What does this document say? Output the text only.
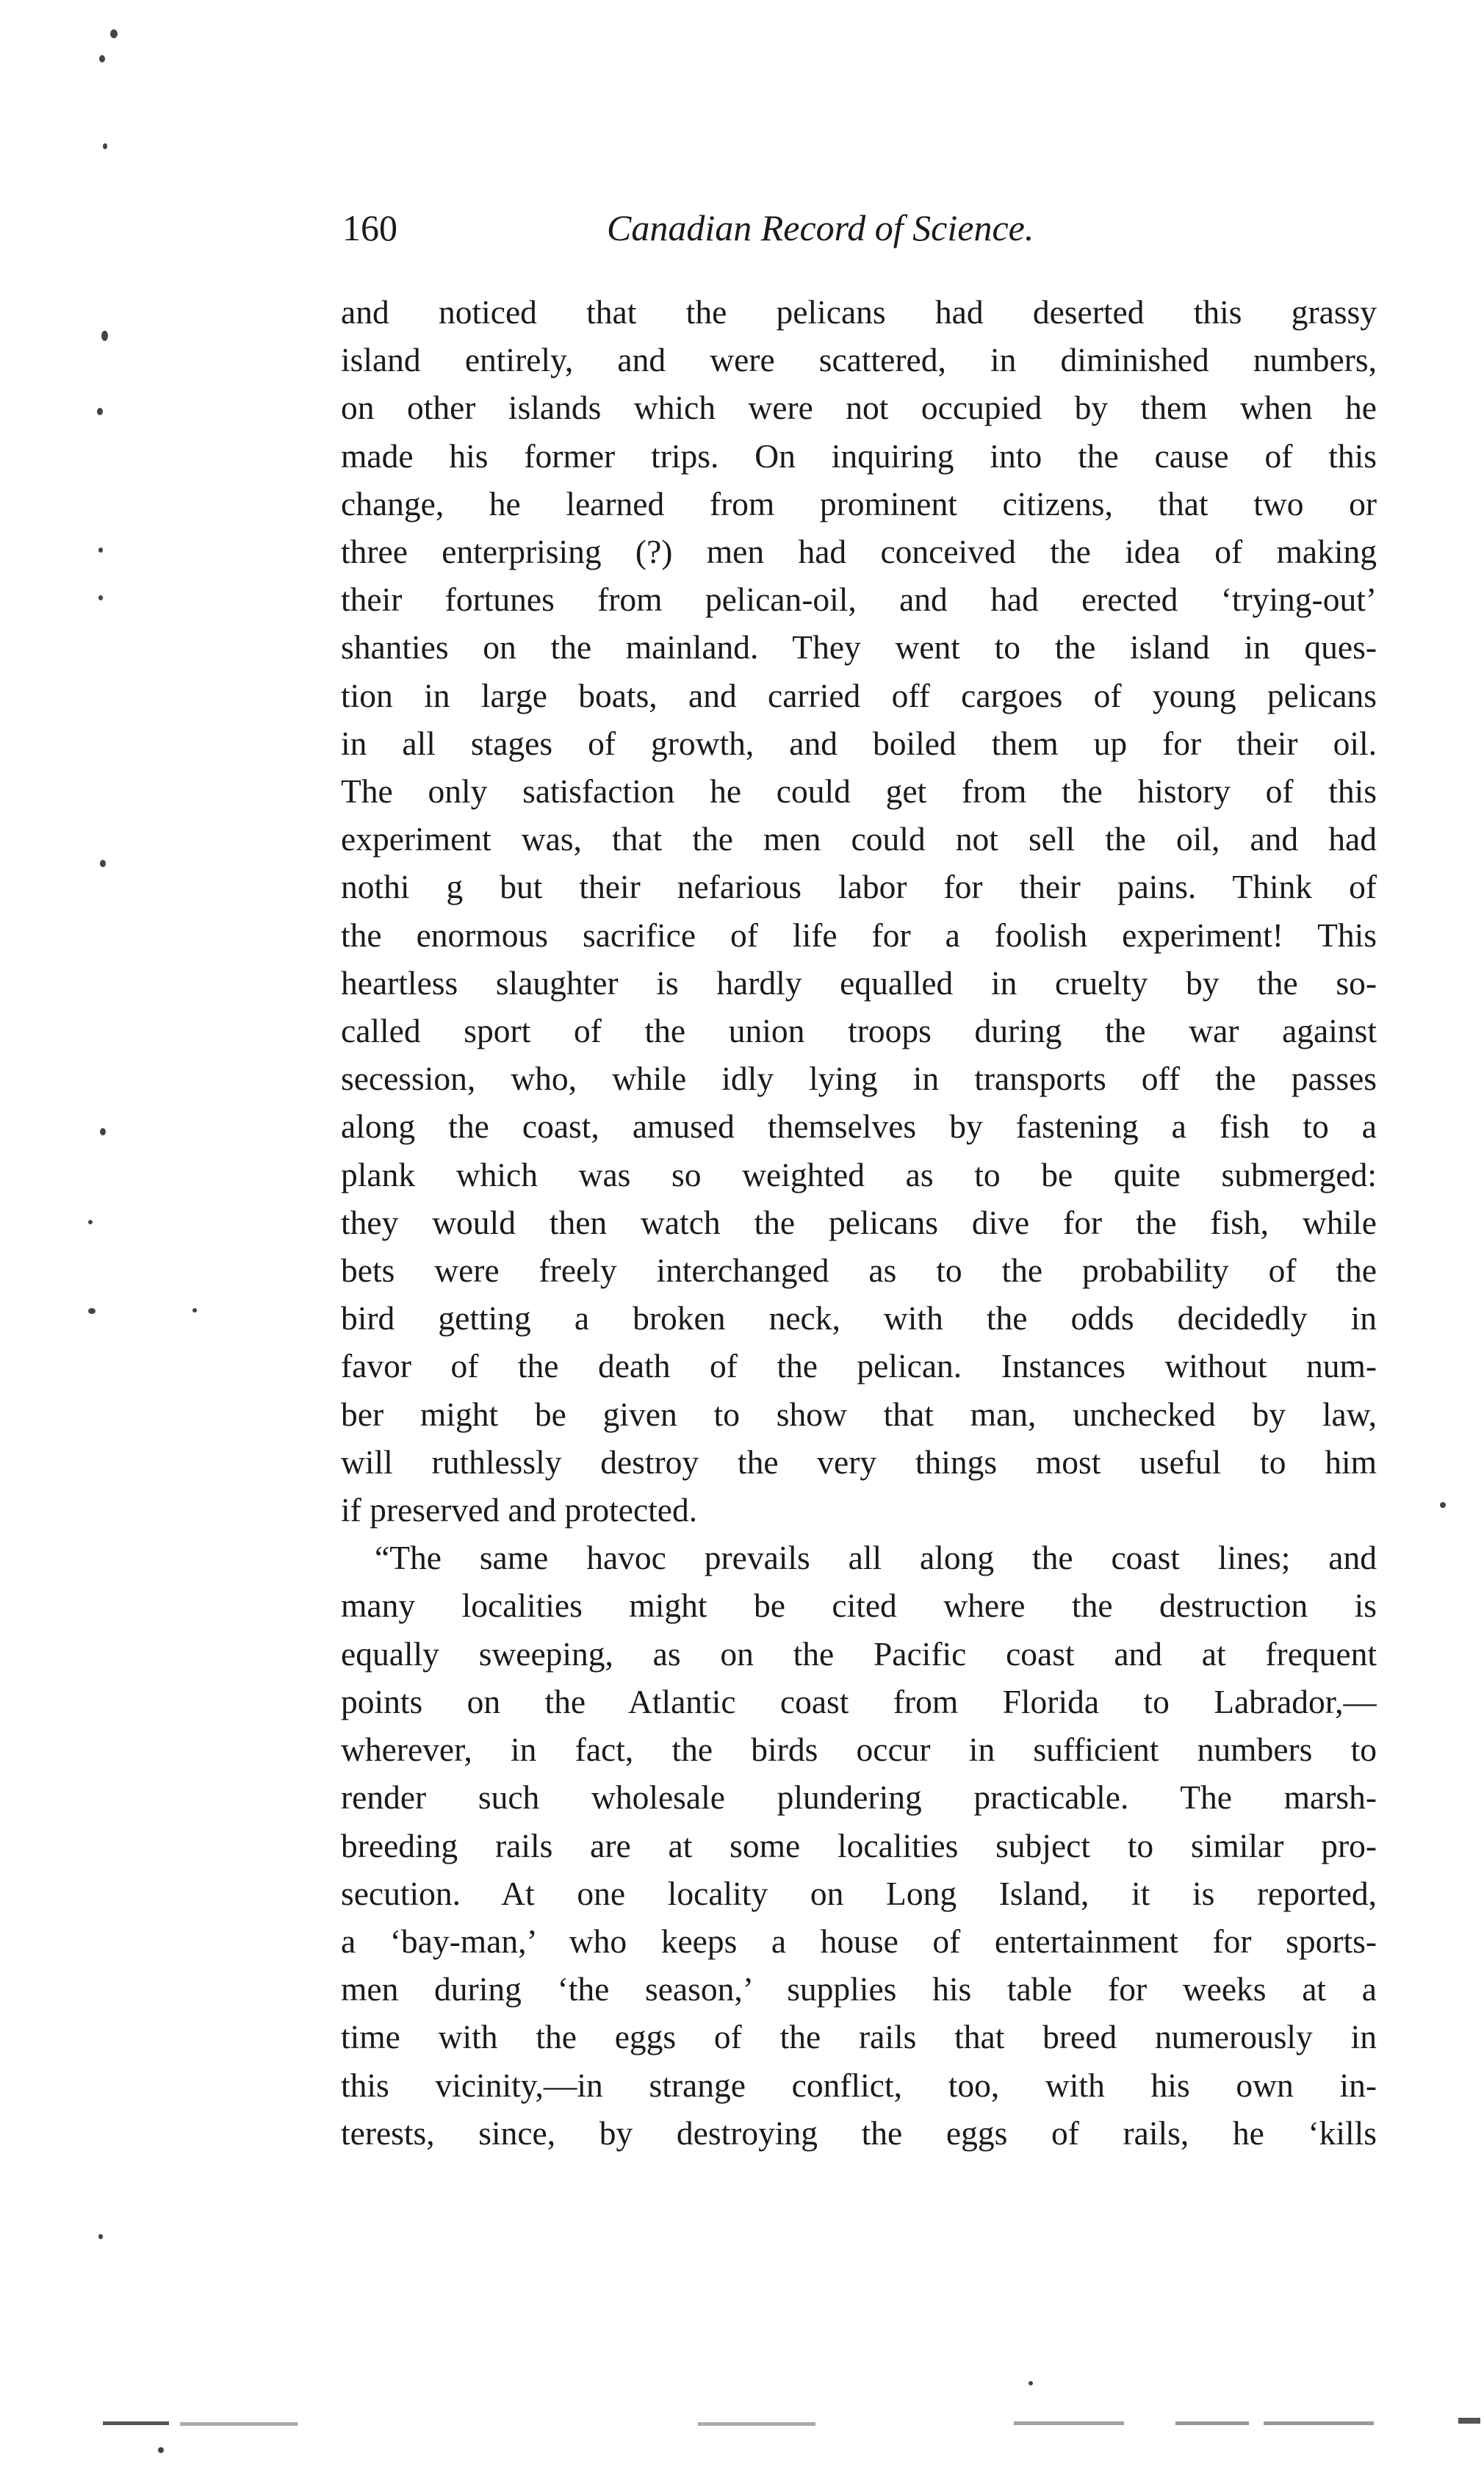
160	Canadian Record of Science.
and noticed that the pelicans had deserted this grassy
island entirely, and were scattered, in diminished numbers,
on other islands which were not occupied by them when he
made his former trips. On inquiring into the cause of this
change, he learned from prominent citizens, that two or
three enterprising (?) men had conceived the idea of making
their fortunes from pelican-oil, and had erected ‘trying-out’
shanties on the mainland. They went to the island in ques-
tion in large boats, and carried off cargoes of young pelicans
in all stages of growth, and boiled them up for their oil.
The only satisfaction he could get from the history of this
experiment was, that the men could not sell the oil, and had
nothi g but their nefarious labor for their pains. Think of
the enormous sacrifice of life for a foolish experiment! This
heartless slaughter is hardly equalled in cruelty by the so-
called sport of the union troops during the war against
secession, who, while idly lying in transports off the passes
along the coast, amused themselves by fastening a fish to a
plank which was so weighted as to be quite submerged:
they would then watch the pelicans dive for the fish, while
bets were freely interchanged as to the probability of the
bird getting a broken neck, with the odds decidedly in
favor of the death of the pelican. Instances without num-
ber might be given to show that man, unchecked by law,
will ruthlessly destroy the very things most useful to him
if preserved and protected.
“The same havoc prevails all along the coast lines; and
many localities might be cited where the destruction is
equally sweeping, as on the Pacific coast and at frequent
points on the Atlantic coast from Florida to Labrador,—
wherever, in fact, the birds occur in sufficient numbers to
render such wholesale plundering practicable. The marsh-
breeding rails are at some localities subject to similar pro-
secution. At one locality on Long Island, it is reported,
a ‘bay-man,’ who keeps a house of entertainment for sports-
men during ‘the season,’ supplies his table for weeks at a
time with the eggs of the rails that breed numerously in
this vicinity,—in strange conflict, too, with his own in-
terests, since, by destroying the eggs of rails, he ‘kills
